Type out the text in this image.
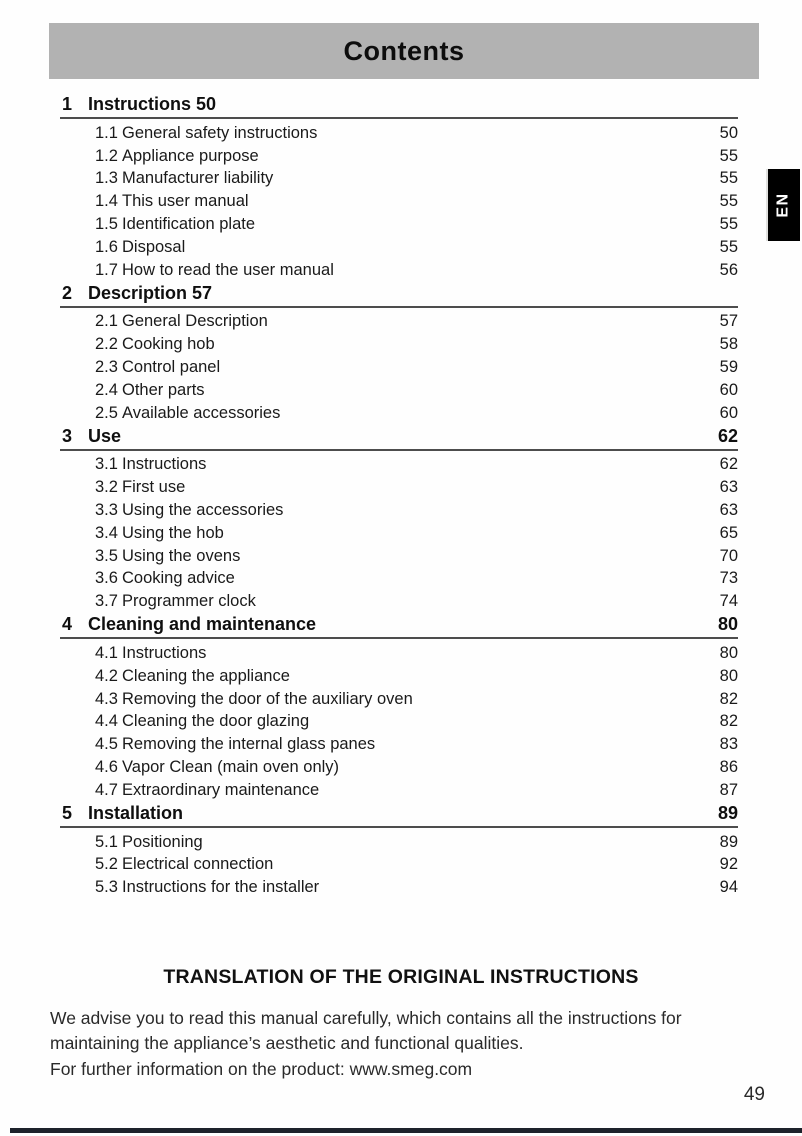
Contents
EN
1 Instructions 50
1.1 General safety instructions	50
1.2 Appliance purpose	55
1.3 Manufacturer liability	55
1.4 This user manual	55
1.5 Identification plate	55
1.6 Disposal	55
1.7 How to read the user manual	56
2 Description 57
2.1 General Description	57
2.2 Cooking hob	58
2.3 Control panel	59
2.4 Other parts	60
2.5 Available accessories	60
3 Use	62
3.1 Instructions	62
3.2 First use	63
3.3 Using the accessories	63
3.4 Using the hob	65
3.5 Using the ovens	70
3.6 Cooking advice	73
3.7 Programmer clock	74
4 Cleaning and maintenance	80
4.1 Instructions	80
4.2 Cleaning the appliance	80
4.3 Removing the door of the auxiliary oven	82
4.4 Cleaning the door glazing	82
4.5 Removing the internal glass panes	83
4.6 Vapor Clean (main oven only)	86
4.7 Extraordinary maintenance	87
5 Installation	89
5.1 Positioning	89
5.2 Electrical connection	92
5.3 Instructions for the installer	94
TRANSLATION OF THE ORIGINAL INSTRUCTIONS

We advise you to read this manual carefully, which contains all the instructions for maintaining the appliance’s aesthetic and functional qualities.

For further information on the product: www.smeg.com

49
